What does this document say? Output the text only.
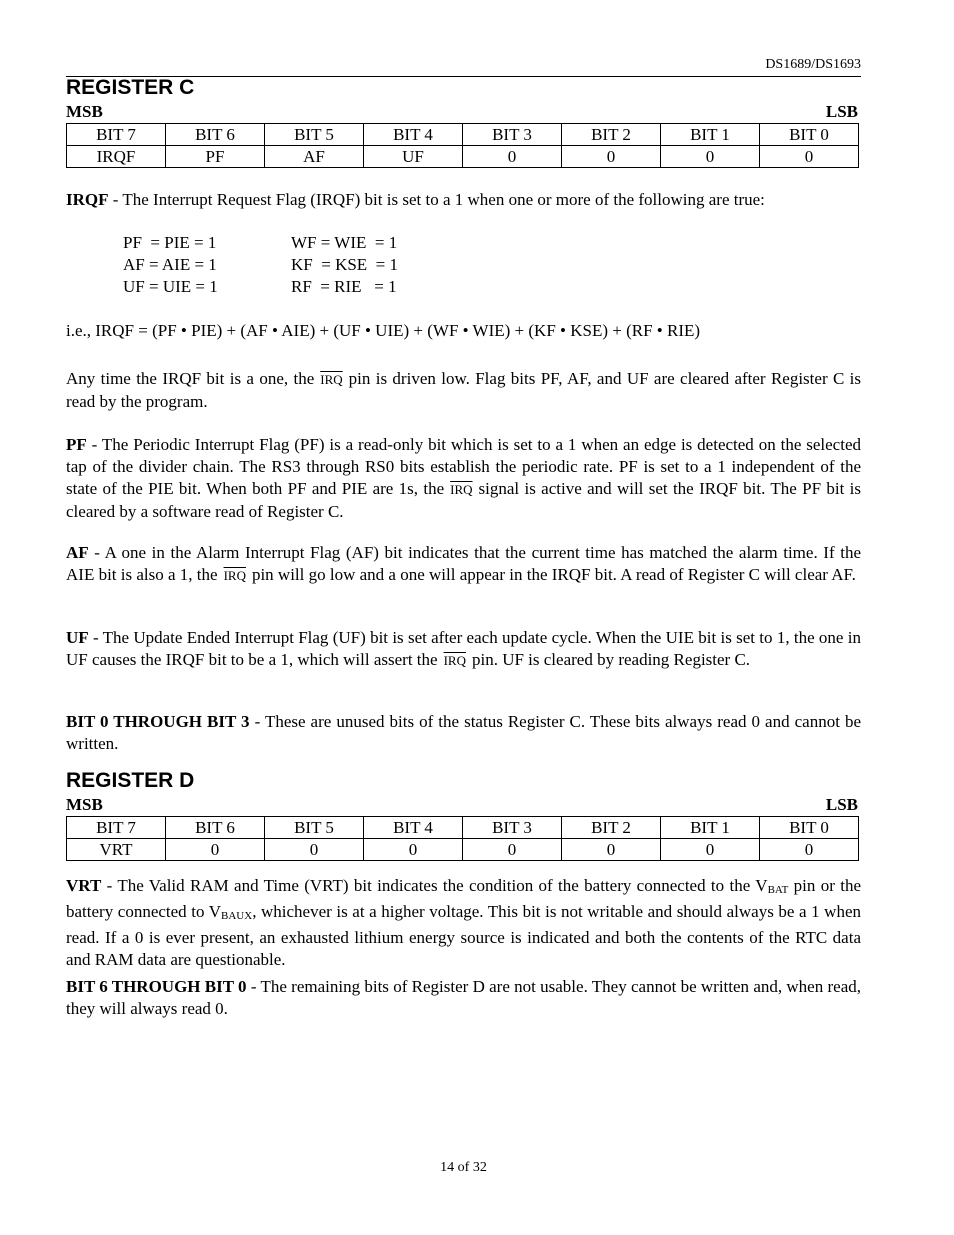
DS1689/DS1693
REGISTER C
MSB	LSB
BIT 7	BIT 6	BIT 5	BIT 4	BIT 3	BIT 2	BIT 1	BIT 0
IRQF	PF	AF	UF	0	0	0	0
IRQF - The Interrupt Request Flag (IRQF) bit is set to a 1 when one or more of the following are true:
PF  = PIE = 1	WF = WIE  = 1
AF = AIE = 1	KF  = KSE  = 1
UF = UIE = 1	RF  = RIE   = 1
i.e., IRQF = (PF • PIE) + (AF • AIE) + (UF • UIE) + (WF • WIE) + (KF • KSE) + (RF • RIE)
Any time the IRQF bit is a one, the $\overline{IRQ}$ pin is driven low. Flag bits PF, AF, and UF are cleared after Register C is read by the program.
PF - The Periodic Interrupt Flag (PF) is a read-only bit which is set to a 1 when an edge is detected on the selected tap of the divider chain. The RS3 through RS0 bits establish the periodic rate. PF is set to a 1 independent of the state of the PIE bit. When both PF and PIE are 1s, the $\overline{IRQ}$ signal is active and will set the IRQF bit. The PF bit is cleared by a software read of Register C.
AF - A one in the Alarm Interrupt Flag (AF) bit indicates that the current time has matched the alarm time. If the AIE bit is also a 1, the $\overline{IRQ}$ pin will go low and a one will appear in the IRQF bit. A read of Register C will clear AF.
UF - The Update Ended Interrupt Flag (UF) bit is set after each update cycle. When the UIE bit is set to 1, the one in UF causes the IRQF bit to be a 1, which will assert the $\overline{IRQ}$ pin. UF is cleared by reading Register C.
BIT 0 THROUGH BIT 3 - These are unused bits of the status Register C. These bits always read 0 and cannot be written.
REGISTER D
MSB	LSB
BIT 7	BIT 6	BIT 5	BIT 4	BIT 3	BIT 2	BIT 1	BIT 0
VRT	0	0	0	0	0	0	0
VRT - The Valid RAM and Time (VRT) bit indicates the condition of the battery connected to the $V_{BAT}$ pin or the battery connected to $V_{BAUX}$, whichever is at a higher voltage. This bit is not writable and should always be a 1 when read. If a 0 is ever present, an exhausted lithium energy source is indicated and both the contents of the RTC data and RAM data are questionable.
BIT 6 THROUGH BIT 0 - The remaining bits of Register D are not usable. They cannot be written and, when read, they will always read 0.
14 of 32
